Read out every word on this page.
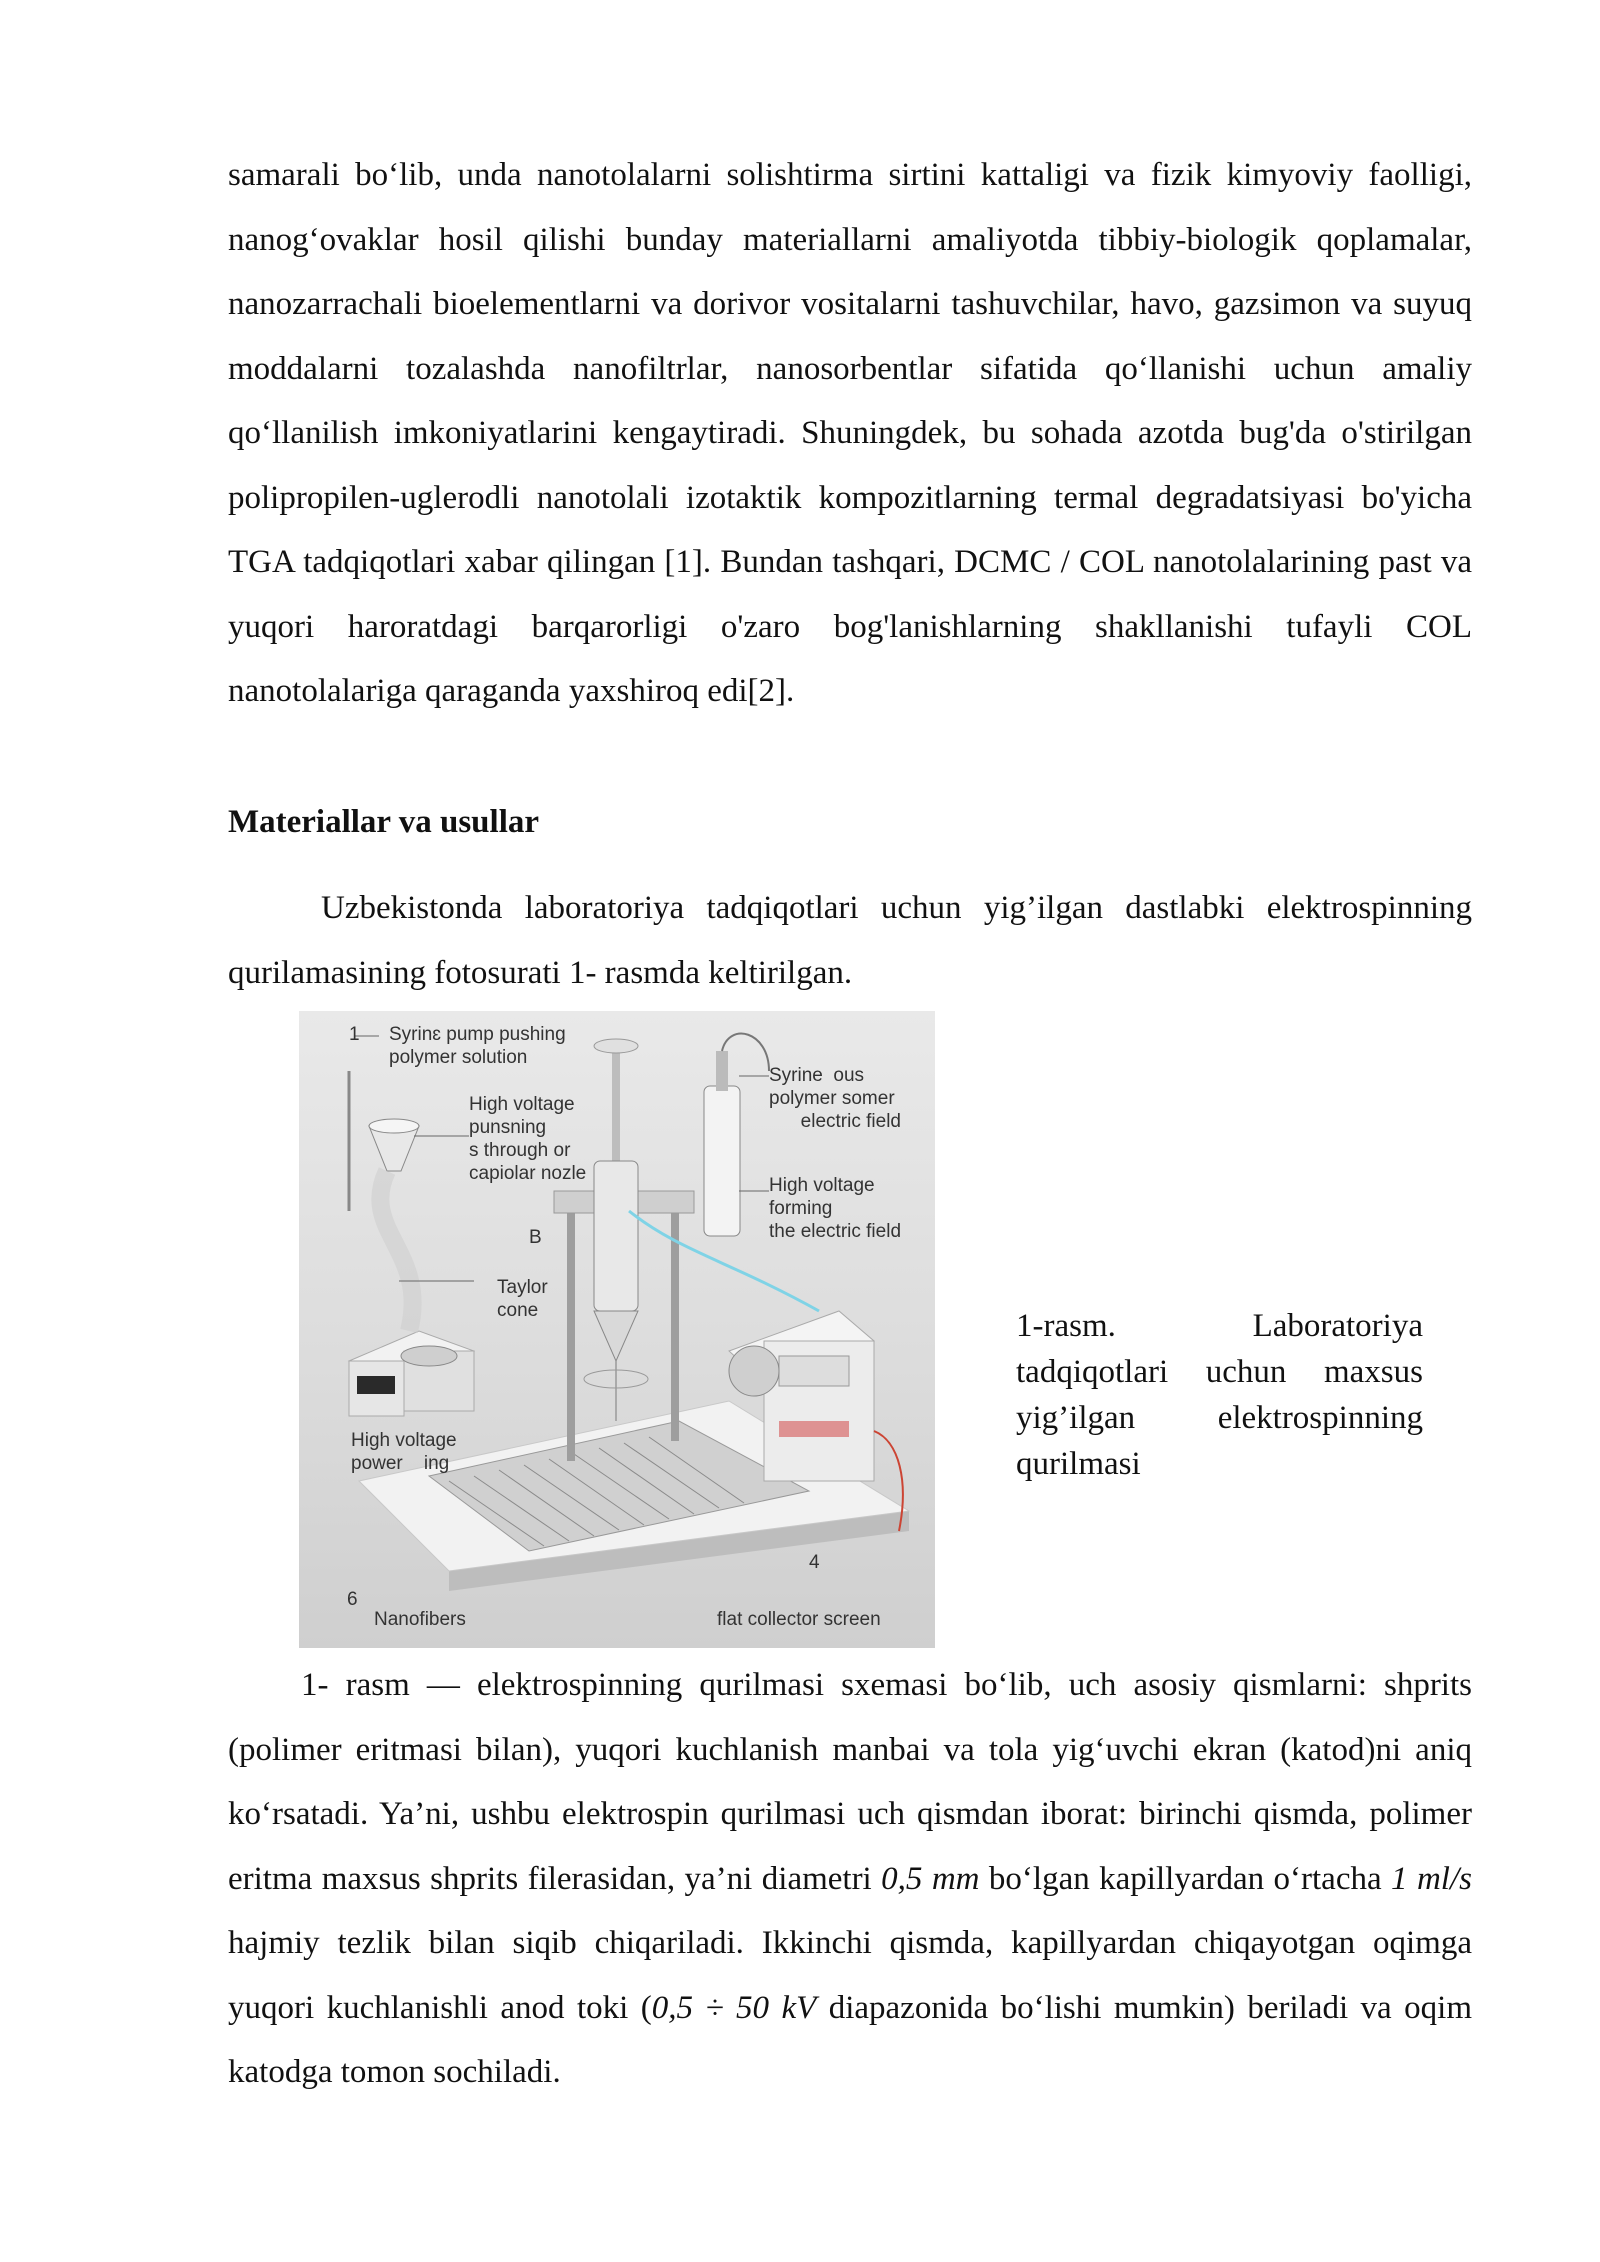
samarali boʻlib, unda nanotolalarni solishtirma sirtini kattaligi va fizik kimyoviy faolligi, nanogʻovaklar hosil qilishi bunday materiallarni amaliyotda tibbiy-biologik qoplamalar, nanozarrachali bioelementlarni va dorivor vositalarni tashuvchilar, havo, gazsimon va suyuq moddalarni tozalashda nanofiltrlar, nanosorbentlar sifatida qoʻllanishi uchun amaliy qoʻllanilish imkoniyatlarini kengaytiradi. Shuningdek, bu sohada azotda bug'da o'stirilgan polipropilen-uglerodli nanotolali izotaktik kompozitlarning termal degradatsiyasi bo'yicha TGA tadqiqotlari xabar qilingan [1]. Bundan tashqari, DCMC / COL nanotolalarining past va yuqori haroratdagi barqarorligi o'zaro bog'lanishlarning shakllanishi tufayli COL nanotolalariga qaraganda yaxshiroq edi[2].

Materiallar va usullar

Uzbekistonda laboratoriya tadqiqotlari uchun yig’ilgan dastlabki elektrospinning qurilamasining fotosurati 1- rasmda keltirilgan.

1 Syrinɛ pump pushing
polymer solution
High voltage
punsning
s through or
capiolar nozle
B
Taylor
cone
Syrine  ous
polymer somer
electric field
High voltage
forming
the electric field
High voltage
power    ing
4
6
Nanofibers	flat collector screen

1-rasm. Laboratoriya tadqiqotlari uchun maxsus yig’ilgan elektrospinning qurilmasi

1- rasm — elektrospinning qurilmasi sxemasi boʻlib, uch asosiy qismlarni: shprits (polimer eritmasi bilan), yuqori kuchlanish manbai va tola yigʻuvchi ekran (katod)ni aniq koʻrsatadi. Ya’ni, ushbu elektrospin qurilmasi uch qismdan iborat: birinchi qismda, polimer eritma maxsus shprits filerasidan, ya’ni diametri 0,5 mm boʻlgan kapillyardan oʻrtacha 1 ml/s hajmiy tezlik bilan siqib chiqariladi. Ikkinchi qismda, kapillyardan chiqayotgan oqimga yuqori kuchlanishli anod toki (0,5 ÷ 50 kV diapazonida boʻlishi mumkin) beriladi va oqim katodga tomon sochiladi.
